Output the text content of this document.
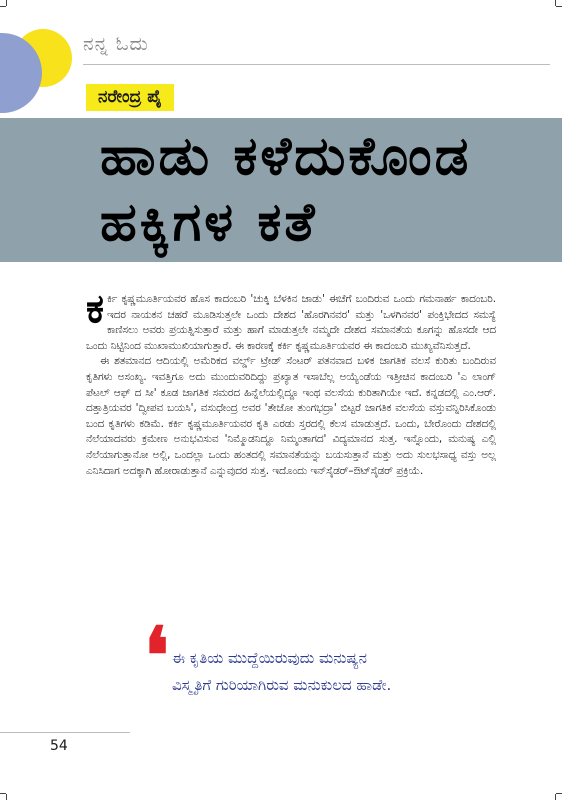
ನನ್ನ ಓದು
ನರೇಂದ್ರ ಪೈ
ಹಾಡು ಕಳೆದುಕೊಂಡ
ಹಕ್ಕಿಗಳ ಕತೆ

ಕರ್ಕಿ ಕೃಷ್ಣಮೂರ್ತಿಯವರ ಹೊಸ ಕಾದಂಬರಿ 'ಚುಕ್ಕಿ ಬೆಳಕಿನ ಜಾಡು' ಈಚೆಗೆ ಬಂದಿರುವ ಒಂದು ಗಮನಾರ್ಹ ಕಾದಂಬರಿ. ಇದರ ನಾಯಕನ ಚಹರೆ ಮೂಡಿಸುತ್ತಲೇ ಒಂದು ದೇಶದ 'ಹೊರಗಿನವರ' ಮತ್ತು 'ಒಳಗಿನವರ' ಪಂಕ್ತಿಭೇದದ ಸಮಸ್ಯೆ ಕಾಣಿಸಲು ಅವರು ಪ್ರಯತ್ನಿಸುತ್ತಾರೆ ಮತ್ತು ಹಾಗೆ ಮಾಡುತ್ತಲೇ ನಮ್ಮದೇ ದೇಶದ ಸಮಾನತೆಯ ಕೂಗನ್ನು ಹೊಸದೇ ಆದ ಒಂದು ನಿಟ್ಟಿನಿಂದ ಮುಖಾಮುಖಿಯಾಗುತ್ತಾರೆ. ಈ ಕಾರಣಕ್ಕೆ ಕರ್ಕಿ ಕೃಷ್ಣಮೂರ್ತಿಯವರ ಈ ಕಾದಂಬರಿ ಮುಖ್ಯವೆನಿಸುತ್ತದೆ.

ಈ ಶತಮಾನದ ಆದಿಯಲ್ಲಿ ಅಮೆರಿಕದ ವರ್ಲ್ಡ್ ಟ್ರೇಡ್ ಸೆಂಟರ್ ಪತನವಾದ ಬಳಿಕ ಜಾಗತಿಕ ವಲಸೆ ಕುರಿತು ಬಂದಿರುವ ಕೃತಿಗಳು ಅಸಂಖ್ಯ. ಇವತ್ತಿಗೂ ಅದು ಮುಂದುವರಿದಿದ್ದು ಪ್ರಖ್ಯಾತ ಇಸಾಬೆಲ್ಲ ಅಯ್ಯೆಂಡೆಯ ಇತ್ತೀಚಿನ ಕಾದಂಬರಿ 'ಎ ಲಾಂಗ್ ಪೆಟಲ್ ಆಫ್ ದ ಸೀ' ಕೂಡ ಜಾಗತಿಕ ಸಮರದ ಹಿನ್ನೆಲೆಯಲ್ಲಿದ್ದೂ ಇಂಥ ವಲಸೆಯ ಕುರಿತಾಗಿಯೇ ಇದೆ. ಕನ್ನಡದಲ್ಲಿ ಎಂ.ಆರ್. ದತ್ತಾತ್ರಿಯವರ 'ದ್ವೀಪವ ಬಯಸಿ', ವಸುಧೇಂದ್ರ ಅವರ 'ತೇಜೋ ತುಂಗಭದ್ರಾ' ಬಿಟ್ಟರೆ ಜಾಗತಿಕ ವಲಸೆಯ ವಸ್ತುವನ್ನಿರಿಸಿಕೊಂಡು ಬಂದ ಕೃತಿಗಳು ಕಡಿಮೆ. ಕರ್ಕಿ ಕೃಷ್ಣಮೂರ್ತಿಯವರ ಕೃತಿ ಎರಡು ಸ್ತರದಲ್ಲಿ ಕೆಲಸ ಮಾಡುತ್ತದೆ. ಒಂದು, ಬೇರೊಂದು ದೇಶದಲ್ಲಿ ನೆಲೆಯಾದವರು ಕ್ರಮೇಣ ಅನುಭವಿಸುವ 'ನಿಮ್ಮೊಡನಿದ್ದೂ ನಿಮ್ಮಂತಾಗದ' ವಿದ್ಯಮಾನದ ಸುತ್ತ. ಇನ್ನೊಂದು, ಮನುಷ್ಯ ಎಲ್ಲಿ ನೆಲೆಯಾಗುತ್ತಾನೋ ಅಲ್ಲಿ, ಒಂದಲ್ಲಾ ಒಂದು ಹಂತದಲ್ಲಿ ಸಮಾನತೆಯನ್ನು ಬಯಸುತ್ತಾನೆ ಮತ್ತು ಅದು ಸುಲಭಸಾಧ್ಯ ವಸ್ತು ಅಲ್ಲ ಎನಿಸಿದಾಗ ಅದಕ್ಕಾಗಿ ಹೋರಾಡುತ್ತಾನೆ ಎನ್ನುವುದರ ಸುತ್ತ. ಇದೊಂದು ಇನ್‌ಸೈಡರ್–ಔಟ್‌ಸೈಡರ್ ಪ್ರಕ್ರಿಯೆ.

❛ ಈ ಕೃತಿಯ ಮುದ್ದೆಯಿರುವುದು ಮನುಷ್ಯನ

ವಿಸ್ಮೃತಿಗೆ ಗುರಿಯಾಗಿರುವ ಮನುಕುಲದ ಹಾಡೇ.

54
